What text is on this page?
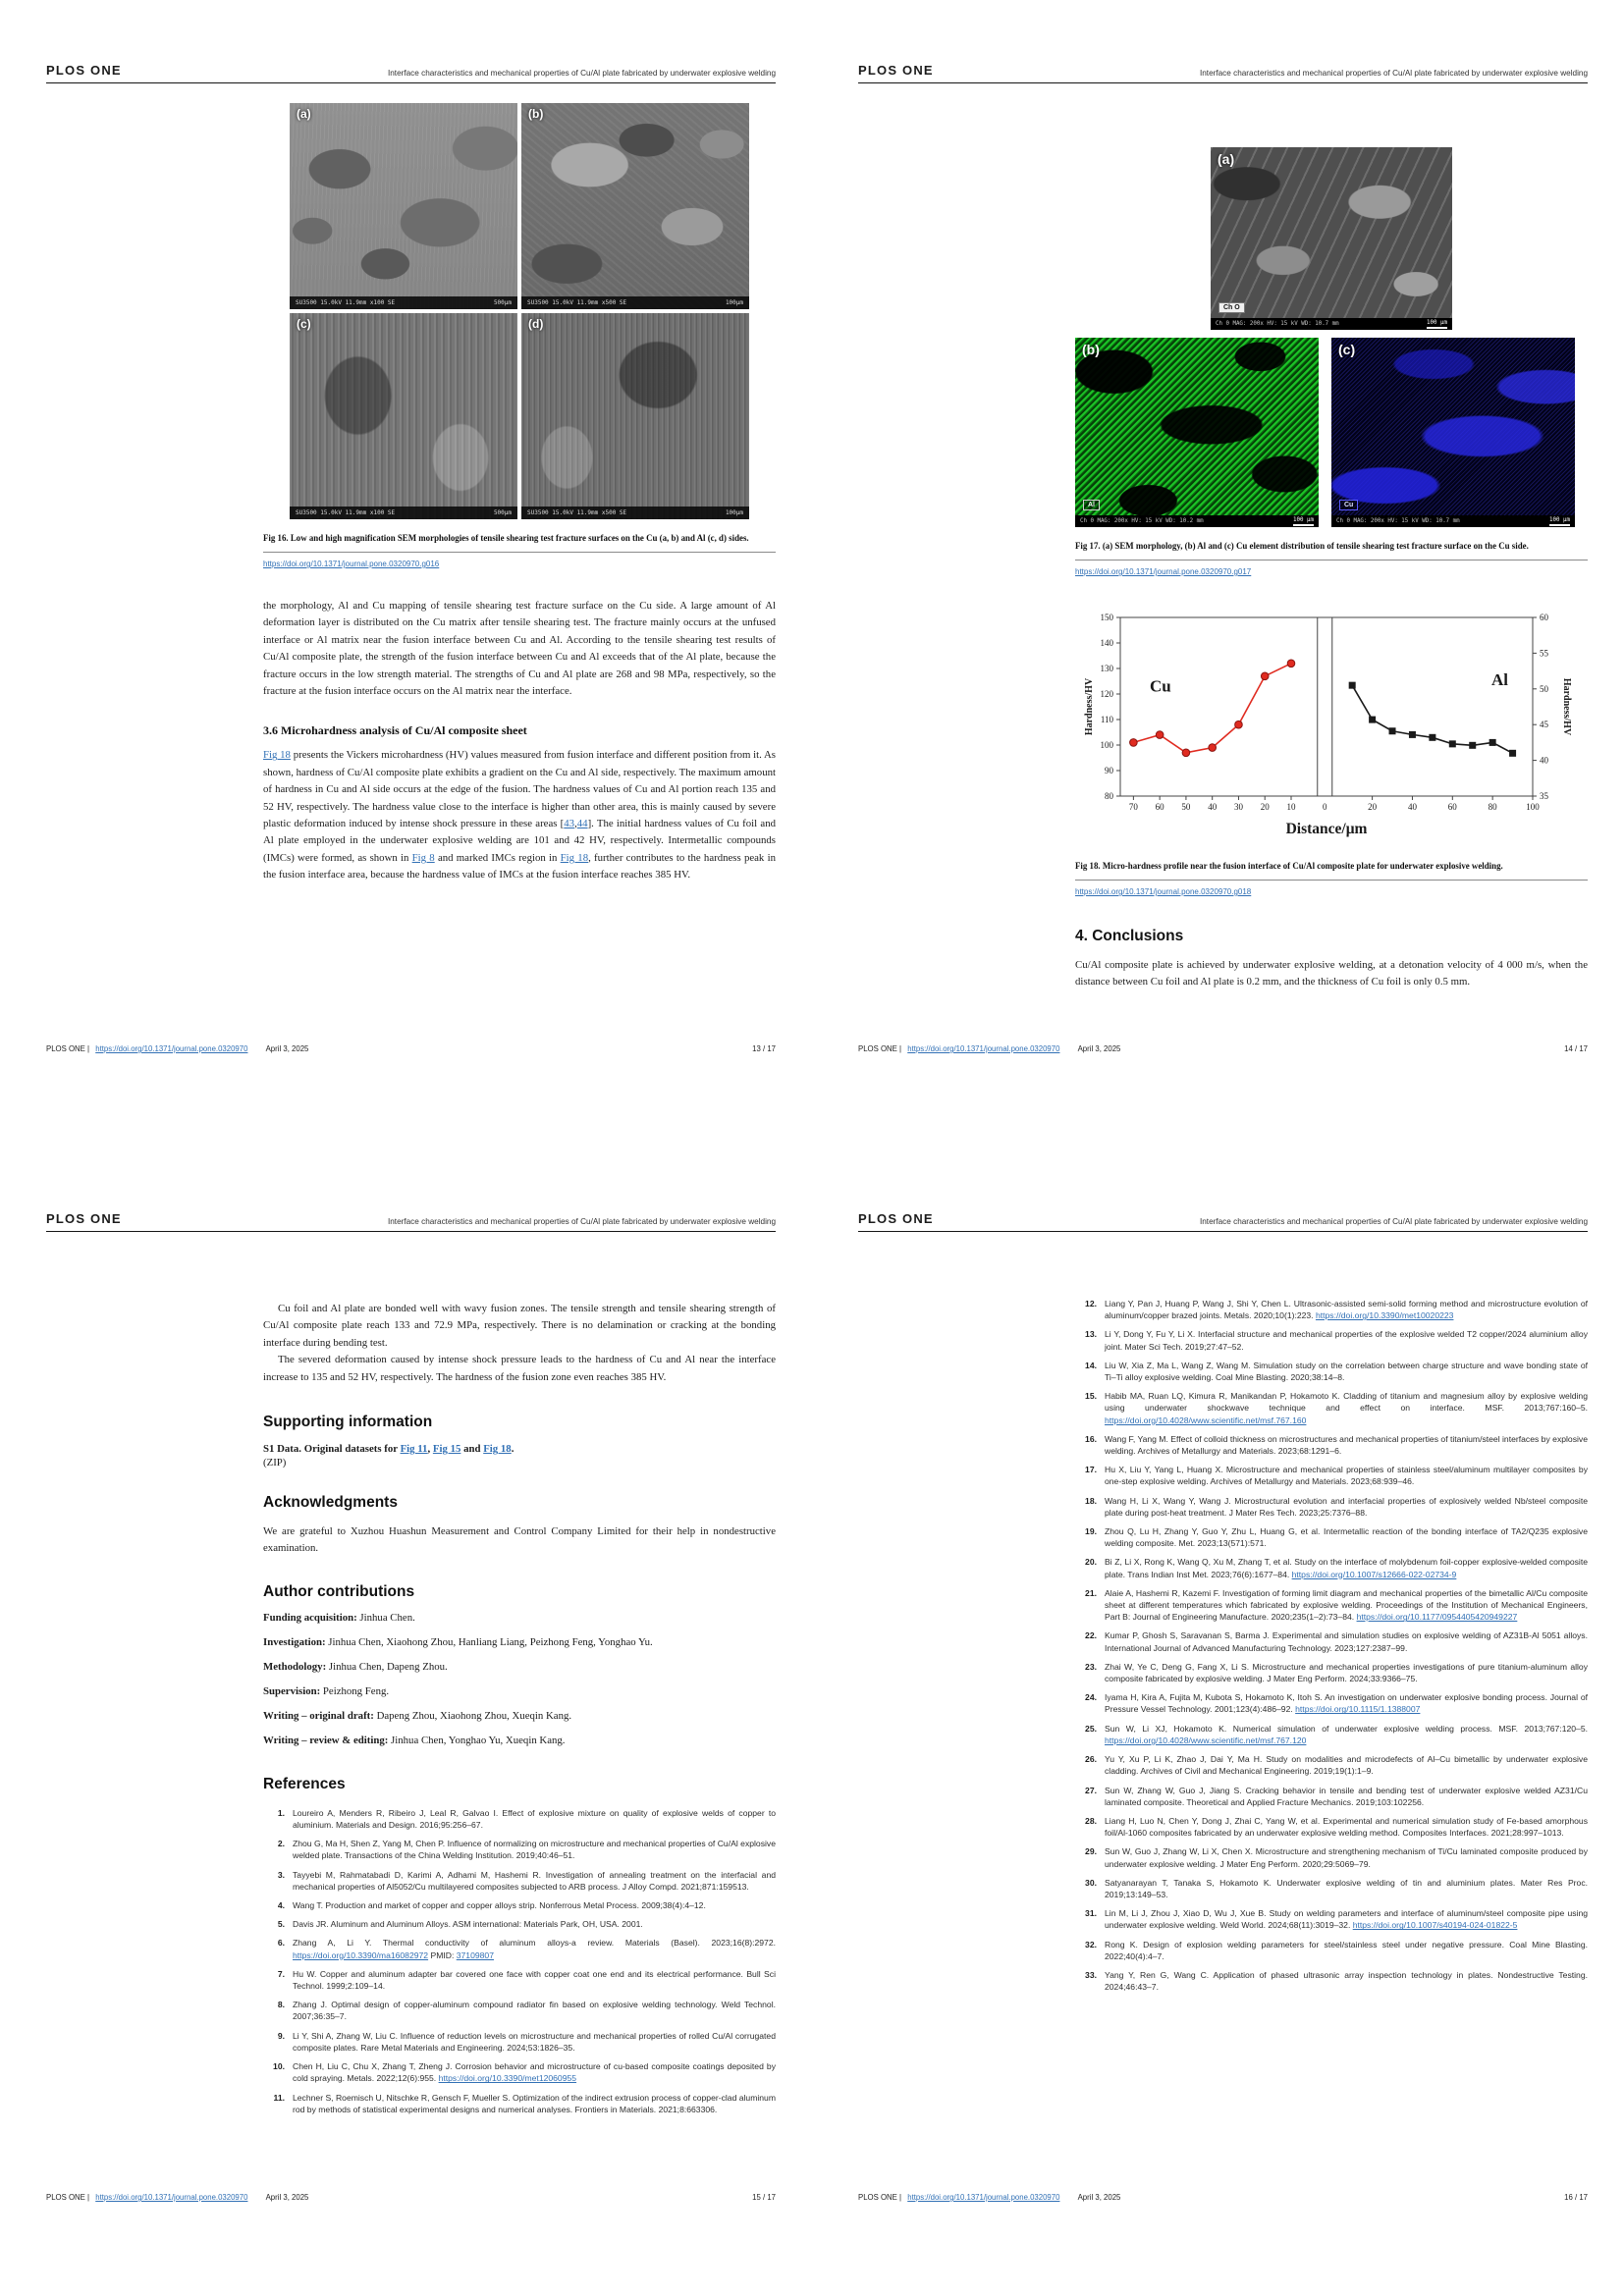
PLOS ONE	Interface characteristics and mechanical properties of Cu/Al plate fabricated by underwater explosive welding
(a)
SU3500 15.0kV 11.9mm x100 SE	500μm
(b)
SU3500 15.0kV 11.9mm x500 SE	100μm
(c)
SU3500 15.0kV 11.9mm x100 SE	500μm
(d)
SU3500 15.0kV 11.9mm x500 SE	100μm
Fig 16. Low and high magnification SEM morphologies of tensile shearing test fracture surfaces on the Cu (a, b) and Al (c, d) sides.
https://doi.org/10.1371/journal.pone.0320970.g016

the morphology, Al and Cu mapping of tensile shearing test fracture surface on the Cu side. A large amount of Al deformation layer is distributed on the Cu matrix after tensile shearing test. The fracture mainly occurs at the unfused interface or Al matrix near the fusion interface between Cu and Al. According to the tensile shearing test results of Cu/Al composite plate, the strength of the fusion interface between Cu and Al exceeds that of the Al plate, because the fracture occurs in the low strength material. The strengths of Cu and Al plate are 268 and 98 MPa, respectively, so the fracture at the fusion interface occurs on the Al matrix near the interface.

3.6 Microhardness analysis of Cu/Al composite sheet

Fig 18 presents the Vickers microhardness (HV) values measured from fusion interface and different position from it. As shown, hardness of Cu/Al composite plate exhibits a gradient on the Cu and Al side, respectively. The maximum amount of hardness in Cu and Al side occurs at the edge of the fusion. The hardness values of Cu and Al portion reach 135 and 52 HV, respectively. The hardness value close to the interface is higher than other area, this is mainly caused by severe plastic deformation induced by intense shock pressure in these areas [43,44]. The initial hardness values of Cu foil and Al plate employed in the underwater explosive welding are 101 and 42 HV, respectively. Intermetallic compounds (IMCs) were formed, as shown in Fig 8 and marked IMCs region in Fig 18, further contributes to the hardness peak in the fusion interface area, because the hardness value of IMCs at the fusion interface reaches 385 HV.

PLOS ONE | https://doi.org/10.1371/journal.pone.0320970 April 3, 2025	13 / 17
PLOS ONE	Interface characteristics and mechanical properties of Cu/Al plate fabricated by underwater explosive welding
(a)
Ch O
Ch 0 MAG: 200x HV: 15 kV WD: 10.7 mm	100 μm
(b)
Al
Ch 0 MAG: 200x HV: 15 kV WD: 10.2 mm	100 μm
(c)
Cu
Ch 0 MAG: 200x HV: 15 kV WD: 10.7 mm	100 μm
Fig 17. (a) SEM morphology, (b) Al and (c) Cu element distribution of tensile shearing test fracture surface on the Cu side.
https://doi.org/10.1371/journal.pone.0320970.g017
80
90
100
110
120
130
140
150
35
40
45
50
55
60
70 60 50 40 30 20 10	0	20	40	60	80	100
Cu	Al
Distance/μm
Hardness/HV	Hardness/HV
Fig 18. Micro-hardness profile near the fusion interface of Cu/Al composite plate for underwater explosive welding.
https://doi.org/10.1371/journal.pone.0320970.g018
4. Conclusions

Cu/Al composite plate is achieved by underwater explosive welding, at a detonation velocity of 4 000 m/s, when the distance between Cu foil and Al plate is 0.2 mm, and the thickness of Cu foil is only 0.5 mm.

PLOS ONE | https://doi.org/10.1371/journal.pone.0320970 April 3, 2025	14 / 17
PLOS ONE	Interface characteristics and mechanical properties of Cu/Al plate fabricated by underwater explosive welding

Cu foil and Al plate are bonded well with wavy fusion zones. The tensile strength and tensile shearing strength of Cu/Al composite plate reach 133 and 72.9 MPa, respectively. There is no delamination or cracking at the bonding interface during bending test.

The severed deformation caused by intense shock pressure leads to the hardness of Cu and Al near the interface increase to 135 and 52 HV, respectively. The hardness of the fusion zone even reaches 385 HV.

Supporting information

S1 Data. Original datasets for Fig 11, Fig 15 and Fig 18.

(ZIP)

Acknowledgments

We are grateful to Xuzhou Huashun Measurement and Control Company Limited for their help in nondestructive examination.

Author contributions
Funding acquisition: Jinhua Chen.
Investigation: Jinhua Chen, Xiaohong Zhou, Hanliang Liang, Peizhong Feng, Yonghao Yu.
Methodology: Jinhua Chen, Dapeng Zhou.
Supervision: Peizhong Feng.
Writing – original draft: Dapeng Zhou, Xiaohong Zhou, Xueqin Kang.
Writing – review & editing: Jinhua Chen, Yonghao Yu, Xueqin Kang.
References
1. Loureiro A, Menders R, Ribeiro J, Leal R, Galvao I. Effect of explosive mixture on quality of explosive welds of copper to aluminium. Materials and Design. 2016;95:256–67.
2. Zhou G, Ma H, Shen Z, Yang M, Chen P. Influence of normalizing on microstructure and mechanical properties of Cu/Al explosive welded plate. Transactions of the China Welding Institution. 2019;40:46–51.
3. Tayyebi M, Rahmatabadi D, Karimi A, Adhami M, Hashemi R. Investigation of annealing treatment on the interfacial and mechanical properties of Al5052/Cu multilayered composites subjected to ARB process. J Alloy Compd. 2021;871:159513.
4. Wang T. Production and market of copper and copper alloys strip. Nonferrous Metal Process. 2009;38(4):4–12.
5. Davis JR. Aluminum and Aluminum Alloys. ASM international: Materials Park, OH, USA. 2001.
6. Zhang A, Li Y. Thermal conductivity of aluminum alloys-a review. Materials (Basel). 2023;16(8):2972. https://doi.org/10.3390/ma16082972 PMID: 37109807
7. Hu W. Copper and aluminum adapter bar covered one face with copper coat one end and its electrical performance. Bull Sci Technol. 1999;2:109–14.
8. Zhang J. Optimal design of copper-aluminum compound radiator fin based on explosive welding technology. Weld Technol. 2007;36:35–7.
9. Li Y, Shi A, Zhang W, Liu C. Influence of reduction levels on microstructure and mechanical properties of rolled Cu/Al corrugated composite plates. Rare Metal Materials and Engineering. 2024;53:1826–35.
10. Chen H, Liu C, Chu X, Zhang T, Zheng J. Corrosion behavior and microstructure of cu-based composite coatings deposited by cold spraying. Metals. 2022;12(6):955. https://doi.org/10.3390/met12060955
11. Lechner S, Roemisch U, Nitschke R, Gensch F, Mueller S. Optimization of the indirect extrusion process of copper-clad aluminum rod by methods of statistical experimental designs and numerical analyses. Frontiers in Materials. 2021;8:663306.
PLOS ONE | https://doi.org/10.1371/journal.pone.0320970 April 3, 2025	15 / 17
PLOS ONE	Interface characteristics and mechanical properties of Cu/Al plate fabricated by underwater explosive welding
12. Liang Y, Pan J, Huang P, Wang J, Shi Y, Chen L. Ultrasonic-assisted semi-solid forming method and microstructure evolution of aluminum/copper brazed joints. Metals. 2020;10(1):223. https://doi.org/10.3390/met10020223
13. Li Y, Dong Y, Fu Y, Li X. Interfacial structure and mechanical properties of the explosive welded T2 copper/2024 aluminium alloy joint. Mater Sci Tech. 2019;27:47–52.
14. Liu W, Xia Z, Ma L, Wang Z, Wang M. Simulation study on the correlation between charge structure and wave bonding state of Ti–Ti alloy explosive welding. Coal Mine Blasting. 2020;38:14–8.
15. Habib MA, Ruan LQ, Kimura R, Manikandan P, Hokamoto K. Cladding of titanium and magnesium alloy by explosive welding using underwater shockwave technique and effect on interface. MSF. 2013;767:160–5. https://doi.org/10.4028/www.scientific.net/msf.767.160
16. Wang F, Yang M. Effect of colloid thickness on microstructures and mechanical properties of titanium/steel interfaces by explosive welding. Archives of Metallurgy and Materials. 2023;68:1291–6.
17. Hu X, Liu Y, Yang L, Huang X. Microstructure and mechanical properties of stainless steel/aluminum multilayer composites by one-step explosive welding. Archives of Metallurgy and Materials. 2023;68:939–46.
18. Wang H, Li X, Wang Y, Wang J. Microstructural evolution and interfacial properties of explosively welded Nb/steel composite plate during post-heat treatment. J Mater Res Tech. 2023;25:7376–88.
19. Zhou Q, Lu H, Zhang Y, Guo Y, Zhu L, Huang G, et al. Intermetallic reaction of the bonding interface of TA2/Q235 explosive welding composite. Met. 2023;13(571):571.
20. Bi Z, Li X, Rong K, Wang Q, Xu M, Zhang T, et al. Study on the interface of molybdenum foil-copper explosive-welded composite plate. Trans Indian Inst Met. 2023;76(6):1677–84. https://doi.org/10.1007/s12666-022-02734-9
21. Alaie A, Hashemi R, Kazemi F. Investigation of forming limit diagram and mechanical properties of the bimetallic Al/Cu composite sheet at different temperatures which fabricated by explosive welding. Proceedings of the Institution of Mechanical Engineers, Part B: Journal of Engineering Manufacture. 2020;235(1–2):73–84. https://doi.org/10.1177/0954405420949227
22. Kumar P, Ghosh S, Saravanan S, Barma J. Experimental and simulation studies on explosive welding of AZ31B-Al 5051 alloys. International Journal of Advanced Manufacturing Technology. 2023;127:2387–99.
23. Zhai W, Ye C, Deng G, Fang X, Li S. Microstructure and mechanical properties investigations of pure titanium-aluminum alloy composite fabricated by explosive welding. J Mater Eng Perform. 2024;33:9366–75.
24. Iyama H, Kira A, Fujita M, Kubota S, Hokamoto K, Itoh S. An investigation on underwater explosive bonding process. Journal of Pressure Vessel Technology. 2001;123(4):486–92. https://doi.org/10.1115/1.1388007
25. Sun W, Li XJ, Hokamoto K. Numerical simulation of underwater explosive welding process. MSF. 2013;767:120–5. https://doi.org/10.4028/www.scientific.net/msf.767.120
26. Yu Y, Xu P, Li K, Zhao J, Dai Y, Ma H. Study on modalities and microdefects of Al–Cu bimetallic by underwater explosive cladding. Archives of Civil and Mechanical Engineering. 2019;19(1):1–9.
27. Sun W, Zhang W, Guo J, Jiang S. Cracking behavior in tensile and bending test of underwater explosive welded AZ31/Cu laminated composite. Theoretical and Applied Fracture Mechanics. 2019;103:102256.
28. Liang H, Luo N, Chen Y, Dong J, Zhai C, Yang W, et al. Experimental and numerical simulation study of Fe-based amorphous foil/Al-1060 composites fabricated by an underwater explosive welding method. Composites Interfaces. 2021;28:997–1013.
29. Sun W, Guo J, Zhang W, Li X, Chen X. Microstructure and strengthening mechanism of Ti/Cu laminated composite produced by underwater explosive welding. J Mater Eng Perform. 2020;29:5069–79.
30. Satyanarayan T, Tanaka S, Hokamoto K. Underwater explosive welding of tin and aluminium plates. Mater Res Proc. 2019;13:149–53.
31. Lin M, Li J, Zhou J, Xiao D, Wu J, Xue B. Study on welding parameters and interface of aluminum/steel composite pipe using underwater explosive welding. Weld World. 2024;68(11):3019–32. https://doi.org/10.1007/s40194-024-01822-5
32. Rong K. Design of explosion welding parameters for steel/stainless steel under negative pressure. Coal Mine Blasting. 2022;40(4):4–7.
33. Yang Y, Ren G, Wang C. Application of phased ultrasonic array inspection technology in plates. Nondestructive Testing. 2024;46:43–7.
PLOS ONE | https://doi.org/10.1371/journal.pone.0320970 April 3, 2025	16 / 17
